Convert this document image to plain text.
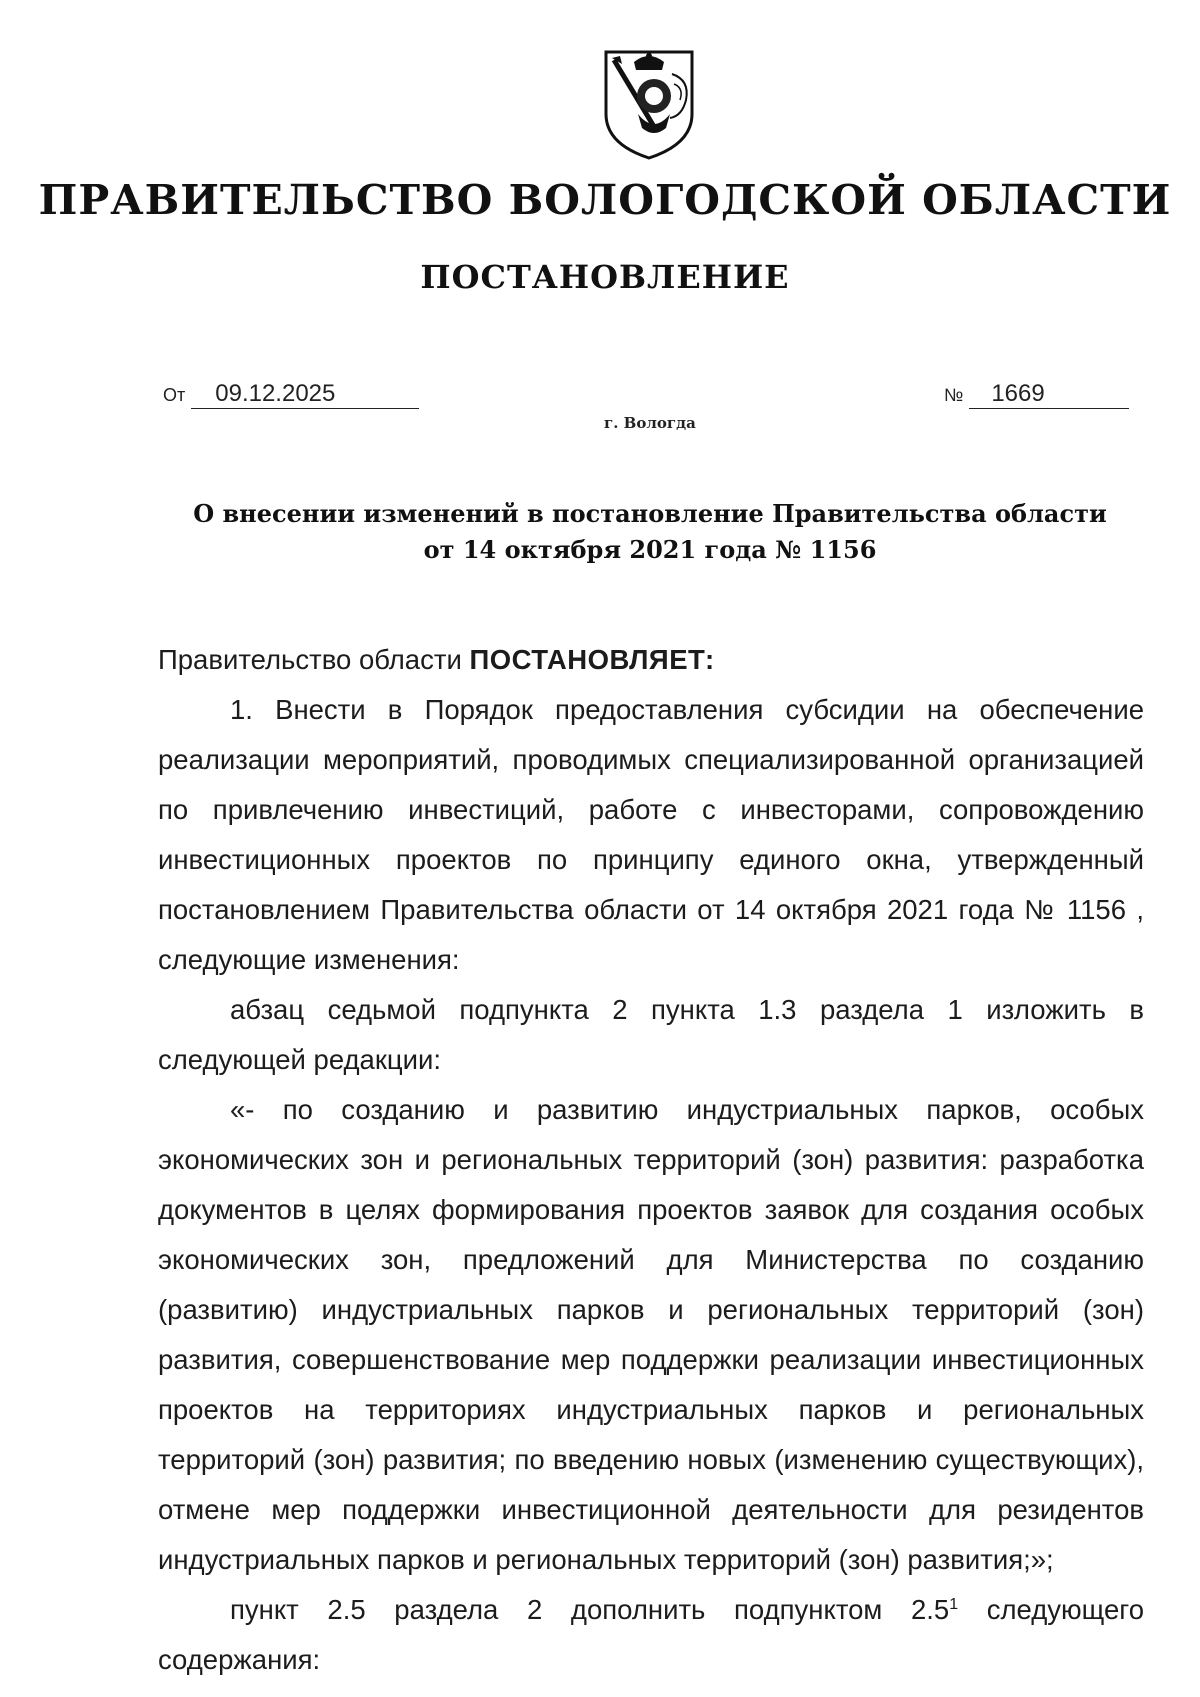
ПРАВИТЕЛЬСТВО ВОЛОГОДСКОЙ ОБЛАСТИ
ПОСТАНОВЛЕНИЕ
От 09.12.2025	№ 1669
г. Вологда
О внесении изменений в постановление Правительства области
от 14 октября 2021 года № 1156

Правительство области ПОСТАНОВЛЯЕТ:

1. Внести в Порядок предоставления субсидии на обеспечение реализации мероприятий, проводимых специализированной организацией по привлечению инвестиций, работе с инвесторами, сопровождению инвестиционных проектов по принципу единого окна, утвержденный постановлением Правительства области от 14 октября 2021 года № 1156 , следующие изменения:

абзац седьмой подпункта 2 пункта 1.3 раздела 1 изложить в следующей редакции:

«- по созданию и развитию индустриальных парков, особых экономических зон и региональных территорий (зон) развития: разработка документов в целях формирования проектов заявок для создания особых экономических зон, предложений для Министерства по созданию (развитию) индустриальных парков и региональных территорий (зон) развития, совершенствование мер поддержки реализации инвестиционных проектов на территориях индустриальных парков и региональных территорий (зон) развития; по введению новых (изменению существующих), отмене мер поддержки инвестиционной деятельности для резидентов индустриальных парков и региональных территорий (зон) развития;»;

пункт 2.5 раздела 2 дополнить подпунктом $2.5^1$ следующего содержания:
